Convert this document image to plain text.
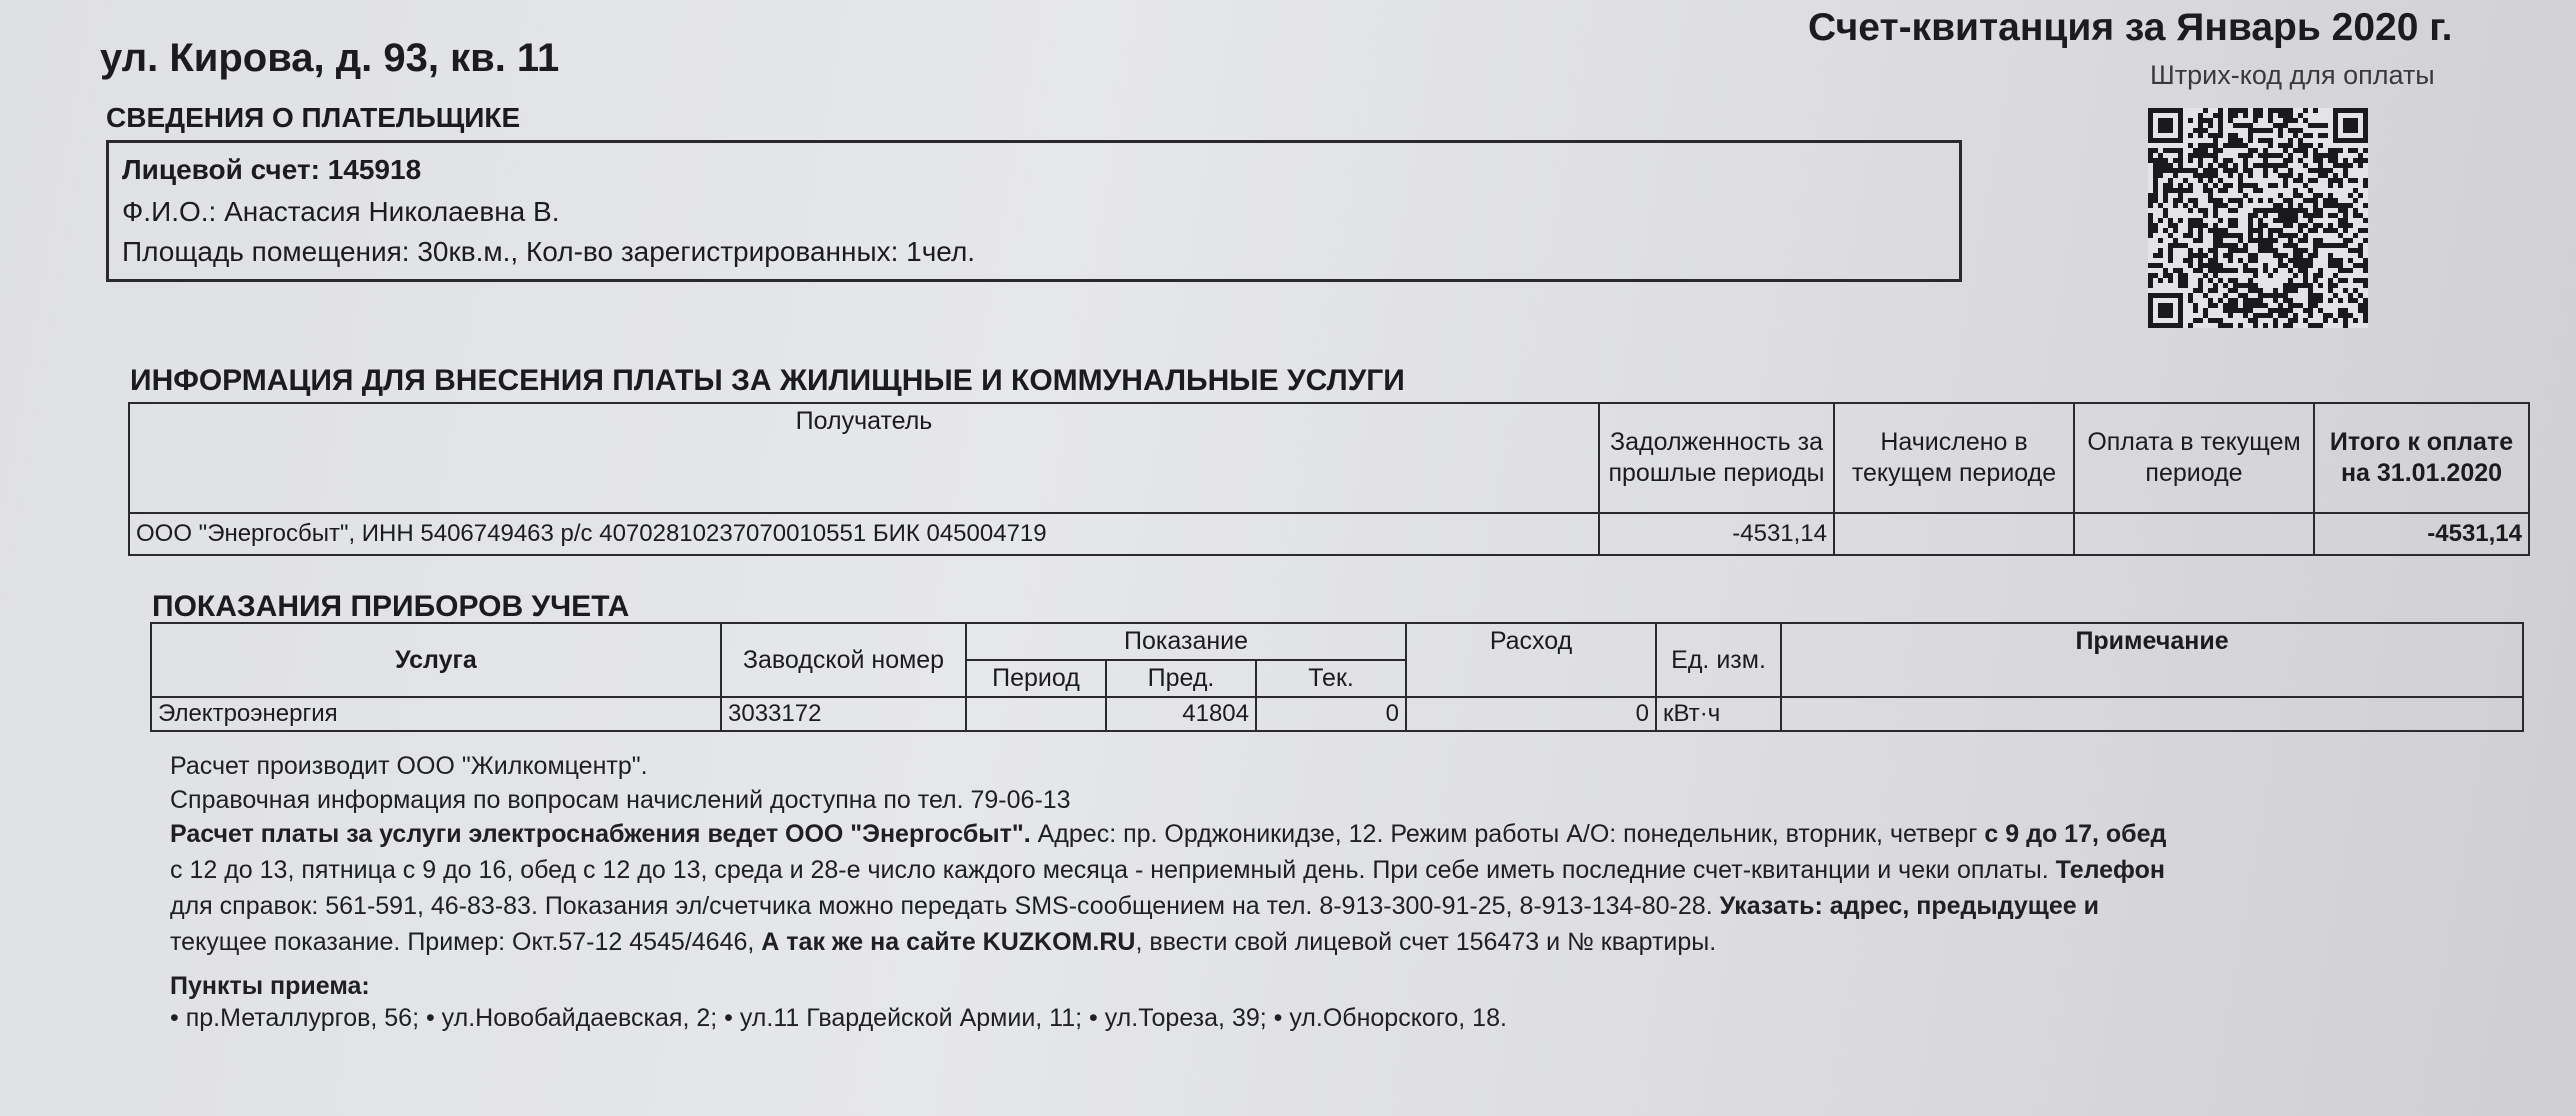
ул. Кирова, д. 93, кв. 11
Счет-квитанция за Январь 2020 г.
Штрих-код для оплаты
СВЕДЕНИЯ О ПЛАТЕЛЬЩИКЕ
Лицевой счет: 145918
Ф.И.О.: Анастасия Николаевна В.
Площадь помещения: 30кв.м., Кол-во зарегистрированных: 1чел.
ИНФОРМАЦИЯ ДЛЯ ВНЕСЕНИЯ ПЛАТЫ ЗА ЖИЛИЩНЫЕ И КОММУНАЛЬНЫЕ УСЛУГИ
Получатель	Задолженность за прошлые периоды	Начислено в текущем периоде	Оплата в текущем периоде	Итого к оплате на 31.01.2020
ООО "Энергосбыт", ИНН 5406749463 р/с 40702810237070010551 БИК 045004719	-4531,14			-4531,14
ПОКАЗАНИЯ ПРИБОРОВ УЧЕТА
Услуга	Заводской номер	Показание			Расход	Ед. изм.	Примечание
		Период	Пред.	Тек.			
Электроэнергия	3033172		41804	0	0	кВт·ч	
Расчет производит ООО "Жилкомцентр".
Справочная информация по вопросам начислений доступна по тел. 79-06-13
Расчет платы за услуги электроснабжения ведет ООО "Энергосбыт". Адрес: пр. Орджоникидзе, 12. Режим работы А/О: понедельник, вторник, четверг с 9 до 17, обед
с 12 до 13, пятница с 9 до 16, обед с 12 до 13, среда и 28-е число каждого месяца - неприемный день. При себе иметь последние счет-квитанции и чеки оплаты. Телефон
для справок: 561-591, 46-83-83. Показания эл/счетчика можно передать SMS-сообщением на тел. 8-913-300-91-25, 8-913-134-80-28. Указать: адрес, предыдущее и
текущее показание. Пример: Окт.57-12 4545/4646, А так же на сайте KUZKOM.RU, ввести свой лицевой счет 156473 и № квартиры.
Пункты приема:
• пр.Металлургов, 56; • ул.Новобайдаевская, 2; • ул.11 Гвардейской Армии, 11; • ул.Тореза, 39; • ул.Обнорского, 18.
